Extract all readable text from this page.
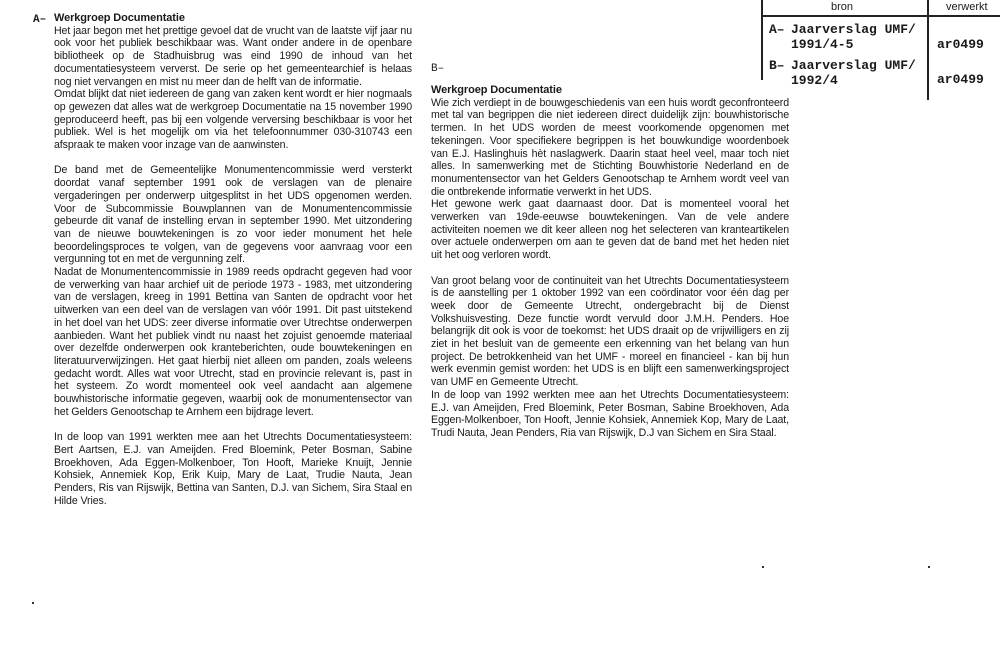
A–
B–
Werkgroep Documentatie

Het jaar begon met het prettige gevoel dat de vrucht van de laatste vijf jaar nu ook voor het publiek beschikbaar was. Want onder andere in de openbare bibliotheek op de Stadhuisbrug was eind 1990 de inhoud van het documentatiesysteem ververst. De serie op het gemeentearchief is helaas nog niet vervangen en mist nu meer dan de helft van de informatie.

Omdat blijkt dat niet iedereen de gang van zaken kent wordt er hier nogmaals op gewezen dat alles wat de werkgroep Documentatie na 15 november 1990 geproduceerd heeft, pas bij een volgende verversing beschikbaar is voor het publiek. Wel is het mogelijk om via het telefoonnummer 030-310743 een afspraak te maken voor inzage van de aanwinsten.

De band met de Gemeentelijke Monumentencommissie werd versterkt doordat vanaf september 1991 ook de verslagen van de plenaire vergaderingen per onderwerp uitgesplitst in het UDS opgenomen werden. Voor de Subcommissie Bouwplannen van de Monumentencommissie gebeurde dit vanaf de instelling ervan in september 1990. Met uitzondering van de nieuwe bouwtekeningen is zo voor ieder monument het hele beoordelingsproces te volgen, van de gegevens voor aanvraag voor een vergunning tot en met de vergunning zelf.

Nadat de Monumentencommissie in 1989 reeds opdracht gegeven had voor de verwerking van haar archief uit de periode 1973 - 1983, met uitzondering van de verslagen, kreeg in 1991 Bettina van Santen de opdracht voor het uitwerken van een deel van de verslagen van vóór 1991. Dit past uitstekend in het doel van het UDS: zeer diverse informatie over Utrechtse onderwerpen aanbieden. Want het publiek vindt nu naast het zojuist genoemde materiaal over dezelfde onderwerpen ook kranteberichten, oude bouwtekeningen en literatuurverwijzingen. Het gaat hierbij niet alleen om panden, zoals weleens gedacht wordt. Alles wat voor Utrecht, stad en provincie relevant is, past in het systeem. Zo wordt momenteel ook veel aandacht aan algemene bouwhistorische informatie gegeven, waarbij ook de monumentensector van het Gelders Genootschap te Arnhem een bijdrage levert.

In de loop van 1991 werkten mee aan het Utrechts Documentatiesysteem: Bert Aartsen, E.J. van Ameijden. Fred Bloemink, Peter Bosman, Sabine Broekhoven, Ada Eggen-Molkenboer, Ton Hooft, Marieke Knuijt, Jennie Kohsiek, Annemiek Kop, Erik Kuip, Mary de Laat, Trudie Nauta, Jean Penders, Ris van Rijswijk, Bettina van Santen, D.J. van Sichem, Sira Staal en Hilde Vries.

Werkgroep Documentatie

Wie zich verdiept in de bouwgeschiedenis van een huis wordt geconfronteerd met tal van begrippen die niet iedereen direct duidelijk zijn: bouwhistorische termen. In het UDS worden de meest voorkomende opgenomen met tekeningen. Voor specifiekere begrippen is het bouwkundige woordenboek van E.J. Haslinghuis hèt naslagwerk. Daarin staat heel veel, maar toch niet alles. In samenwerking met de Stichting Bouwhistorie Nederland en de monumentensector van het Gelders Genootschap te Arnhem wordt veel van die ontbrekende informatie verwerkt in het UDS.

Het gewone werk gaat daarnaast door. Dat is momenteel vooral het verwerken van 19de-eeuwse bouwtekeningen. Van de vele andere activiteiten noemen we dit keer alleen nog het selecteren van kranteartikelen over actuele onderwerpen om aan te geven dat de band met het heden niet uit het oog verloren wordt.

Van groot belang voor de continuiteit van het Utrechts Documentatiesysteem is de aanstelling per 1 oktober 1992 van een coördinator voor één dag per week door de Gemeente Utrecht, ondergebracht bij de Dienst Volkshuisvesting. Deze functie wordt vervuld door J.M.H. Penders. Hoe belangrijk dit ook is voor de toekomst: het UDS draait op de vrijwilligers en zij ziet in het besluit van de gemeente een erkenning van het belang van hun project. De betrokkenheid van het UMF - moreel en financieel - kan bij hun werk evenmin gemist worden: het UDS is en blijft een samenwerkingsproject van UMF en Gemeente Utrecht.

In de loop van 1992 werkten mee aan het Utrechts Documentatiesysteem: E.J. van Ameijden, Fred Bloemink, Peter Bosman, Sabine Broekhoven, Ada Eggen-Molkenboer, Ton Hooft, Jennie Kohsiek, Annemiek Kop, Mary de Laat, Trudi Nauta, Jean Penders, Ria van Rijswijk, D.J van Sichem en Sira Staal.

bron	verwerkt
A– Jaarverslag UMF/
1991/4-5	ar0499
B– Jaarverslag UMF/
1992/4	ar0499
